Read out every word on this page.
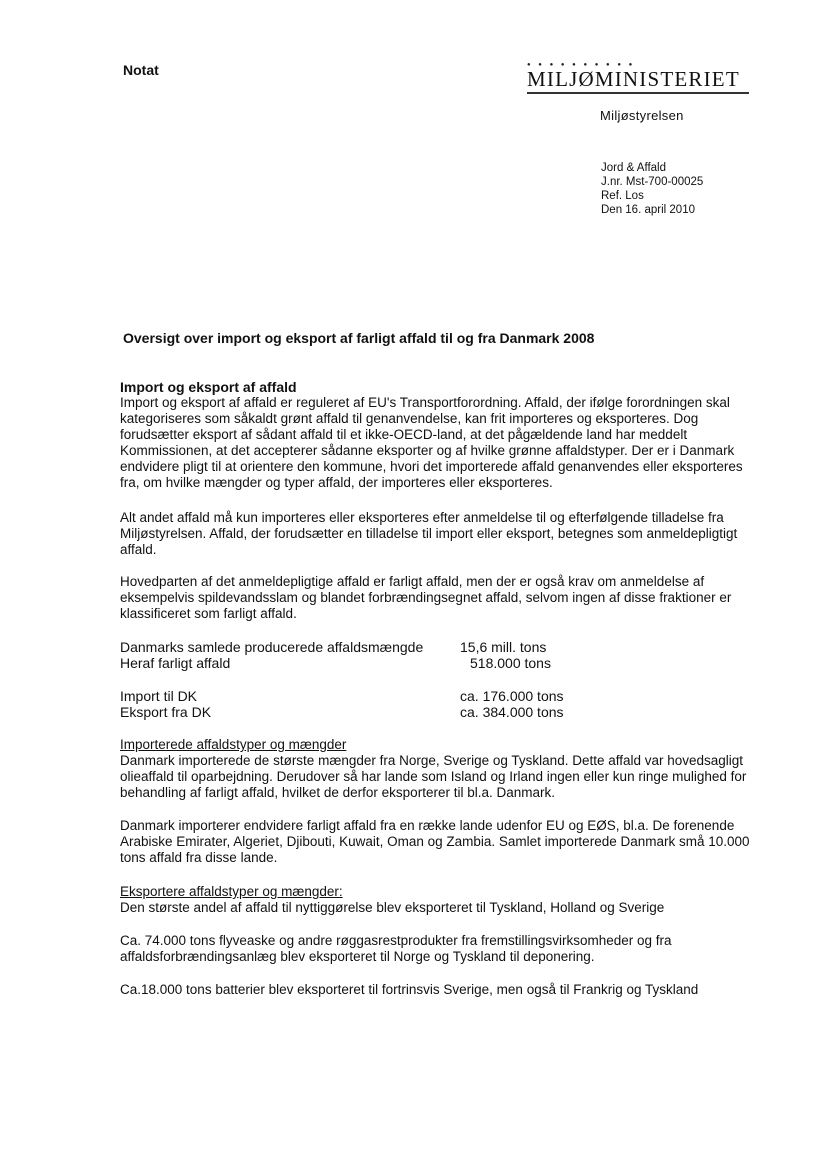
Notat	● ● ● ● ● ● ● ● ● ●
MILJØMINISTERIET
Miljøstyrelsen
Jord & Affald
J.nr. Mst-700-00025
Ref. Los
Den 16. april 2010
Oversigt over import og eksport af farligt affald til og fra Danmark 2008
Import og eksport af affald

Import og eksport af affald er reguleret af EU's Transportforordning. Affald, der ifølge forordningen skal kategoriseres som såkaldt grønt affald til genanvendelse, kan frit importeres og eksporteres. Dog forudsætter eksport af sådant affald til et ikke-OECD-land, at det pågældende land har meddelt Kommissionen, at det accepterer sådanne eksporter og af hvilke grønne affaldstyper. Der er i Danmark endvidere pligt til at orientere den kommune, hvori det importerede affald genanvendes eller eksporteres fra, om hvilke mængder og typer affald, der importeres eller eksporteres.

Alt andet affald må kun importeres eller eksporteres efter anmeldelse til og efterfølgende tilladelse fra Miljøstyrelsen. Affald, der forudsætter en tilladelse til import eller eksport, betegnes som anmeldepligtigt affald.
Hovedparten af det anmeldepligtige affald er farligt affald, men der er også krav om anmeldelse af eksempelvis spildevandsslam og blandet forbrændingsegnet affald, selvom ingen af disse fraktioner er klassificeret som farligt affald.
Danmarks samlede producerede affaldsmængde	15,6 mill. tons
Heraf farligt affald	518.000 tons
Import til DK	ca. 176.000 tons
Eksport fra DK	ca. 384.000 tons
Importerede affaldstyper og mængder

Danmark importerede de største mængder fra Norge, Sverige og Tyskland. Dette affald var hovedsagligt olieaffald til oparbejdning. Derudover så har lande som Island og Irland ingen eller kun ringe mulighed for behandling af farligt affald, hvilket de derfor eksporterer til bl.a. Danmark.

Danmark importerer endvidere farligt affald fra en række lande udenfor EU og EØS, bl.a. De forenende Arabiske Emirater, Algeriet, Djibouti, Kuwait, Oman og Zambia. Samlet importerede Danmark små 10.000 tons affald fra disse lande.
Eksportere affaldstyper og mængder:

Den største andel af affald til nyttiggørelse blev eksporteret til Tyskland, Holland og Sverige

Ca. 74.000 tons flyveaske og andre røggasrestprodukter fra fremstillingsvirksomheder og fra affaldsforbrændingsanlæg blev eksporteret til Norge og Tyskland til deponering.
Ca.18.000 tons batterier blev eksporteret til fortrinsvis Sverige, men også til Frankrig og Tyskland
